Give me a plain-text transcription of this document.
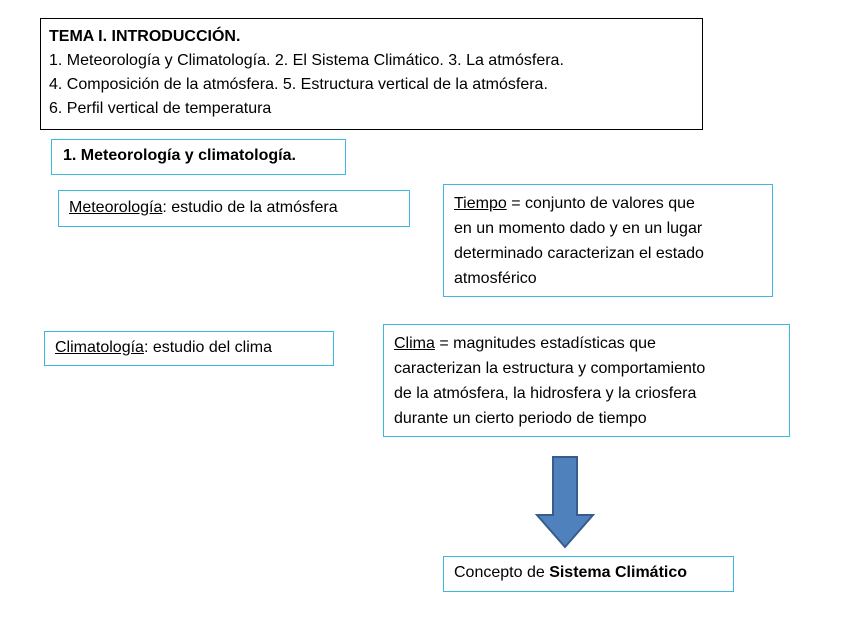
TEMA I. INTRODUCCIÓN.
1. Meteorología y Climatología. 2. El Sistema Climático. 3. La atmósfera.
4. Composición de la atmósfera. 5. Estructura vertical de la atmósfera.
6. Perfil vertical de temperatura
1. Meteorología y climatología.
Meteorología: estudio de la atmósfera	Tiempo = conjunto de valores que
en un momento dado y en un lugar
determinado caracterizan el estado
atmosférico
Climatología: estudio del clima	Clima = magnitudes estadísticas que
caracterizan la estructura y comportamiento
de la atmósfera, la hidrosfera y la criosfera
durante un cierto periodo de tiempo
Concepto de Sistema Climático
